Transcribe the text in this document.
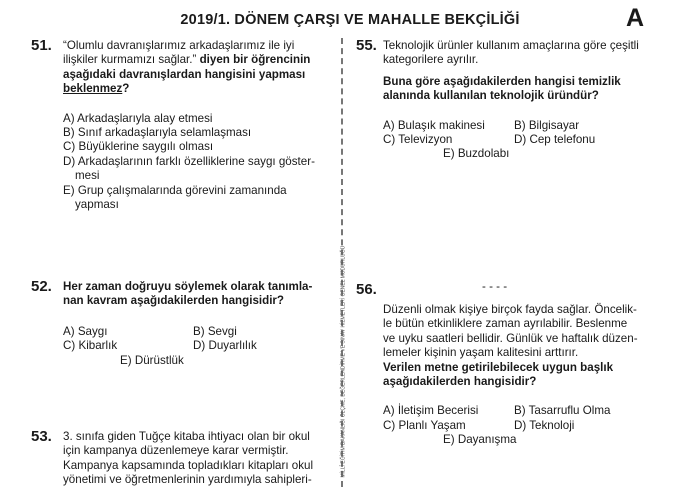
2019/1. DÖNEM ÇARŞI VE MAHALLE BEKÇİLİĞİ	A
MİLLÎ EĞİTİM BAKANLIĞI ÖLÇME, DEĞERLENDİRME VE SINAV HİZMETLERİ GENEL MÜDÜRLÜĞÜ
51. “Olumlu davranışlarımız arkadaşlarımız ile iyi
ilişkiler kurmamızı sağlar.” diyen bir öğrencinin
aşağıdaki davranışlardan hangisini yapması
beklenmez?
A) Arkadaşlarıyla alay etmesi
B) Sınıf arkadaşlarıyla selamlaşması
C) Büyüklerine saygılı olması
D) Arkadaşlarının farklı özelliklerine saygı göster-
mesi
E) Grup çalışmalarında görevini zamanında
yapması
52. Her zaman doğruyu söylemek olarak tanımla-
nan kavram aşağıdakilerden hangisidir?
A) Saygı	B) Sevgi
C) Kibarlık	D) Duyarlılık
E) Dürüstlük
53. 3. sınıfa giden Tuğçe kitaba ihtiyacı olan bir okul
için kampanya düzenlemeye karar vermiştir.
Kampanya kapsamında topladıkları kitapları okul
yönetimi ve öğretmenlerinin yardımıyla sahipleri-
55. Teknolojik ürünler kullanım amaçlarına göre çeşitli
kategorilere ayrılır.
Buna göre aşağıdakilerden hangisi temizlik
alanında kullanılan teknolojik üründür?
A) Bulaşık makinesi	B) Bilgisayar
C) Televizyon	D) Cep telefonu
E) Buzdolabı
56.	- - - -
Düzenli olmak kişiye birçok fayda sağlar. Öncelik-
le bütün etkinliklere zaman ayrılabilir. Beslenme
ve uyku saatleri bellidir. Günlük ve haftalık düzen-
lemeler kişinin yaşam kalitesini arttırır.
Verilen metne getirilebilecek uygun başlık
aşağıdakilerden hangisidir?
A) İletişim Becerisi	B) Tasarruflu Olma
C) Planlı Yaşam	D) Teknoloji
E) Dayanışma
